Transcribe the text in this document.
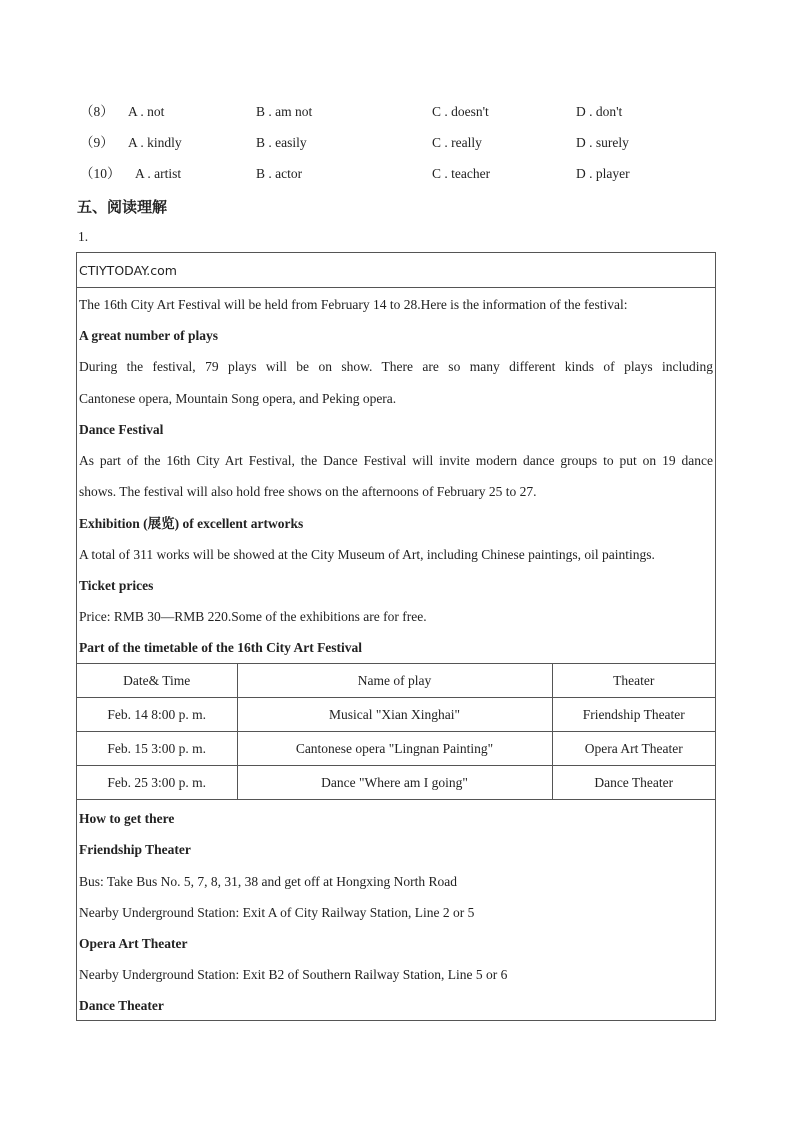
（8） A . not	B . am not	C . doesn't	D . don't
（9） A . kindly	B . easily	C . really	D . surely
（10） A . artist	B . actor	C . teacher	D . player
五、阅读理解
1.
CTIYTODAY.com
The 16th City Art Festival will be held from February 14 to 28.Here is the information of the festival:
A great number of plays
During the festival, 79 plays will be on show. There are so many different kinds of plays including
Cantonese opera, Mountain Song opera, and Peking opera.
Dance Festival
As part of the 16th City Art Festival, the Dance Festival will invite modern dance groups to put on 19 dance
shows. The festival will also hold free shows on the afternoons of February 25 to 27.
Exhibition (展览) of excellent artworks
A total of 311 works will be showed at the City Museum of Art, including Chinese paintings, oil paintings.
Ticket prices
Price: RMB 30—RMB 220.Some of the exhibitions are for free.
Part of the timetable of the 16th City Art Festival
Date& Time	Name of play	Theater
Feb. 14 8:00 p. m.	Musical "Xian Xinghai"	Friendship Theater
Feb. 15 3:00 p. m.	Cantonese opera "Lingnan Painting"	Opera Art Theater
Feb. 25 3:00 p. m.	Dance "Where am I going"	Dance Theater
How to get there
Friendship Theater
Bus: Take Bus No. 5, 7, 8, 31, 38 and get off at Hongxing North Road
Nearby Underground Station: Exit A of City Railway Station, Line 2 or 5
Opera Art Theater
Nearby Underground Station: Exit B2 of Southern Railway Station, Line 5 or 6
Dance Theater
